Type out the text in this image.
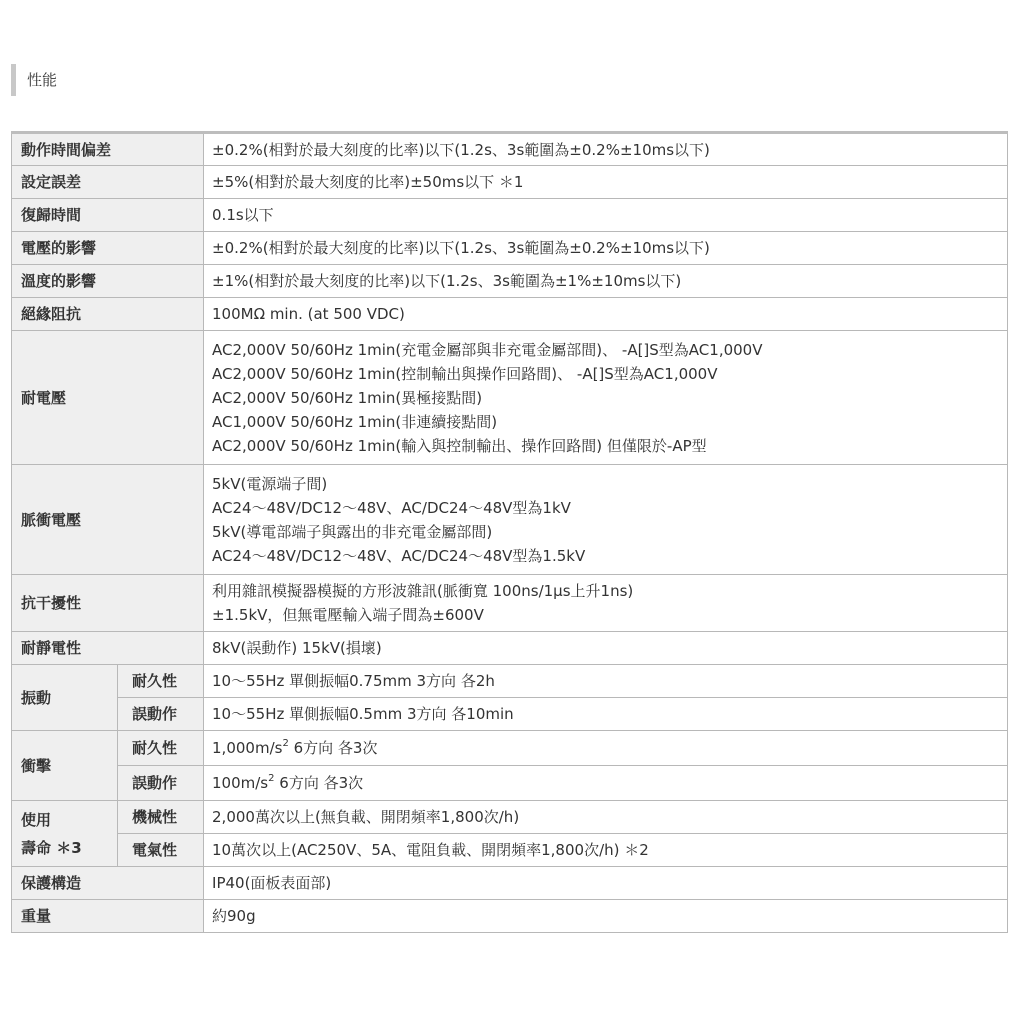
性能
動作時間偏差		±0.2%(相對於最大刻度的比率)以下(1.2s、3s範圍為±0.2%±10ms以下)
設定誤差		±5%(相對於最大刻度的比率)±50ms以下 ＊1
復歸時間		0.1s以下
電壓的影響		±0.2%(相對於最大刻度的比率)以下(1.2s、3s範圍為±0.2%±10ms以下)
溫度的影響		±1%(相對於最大刻度的比率)以下(1.2s、3s範圍為±1%±10ms以下)
絕緣阻抗		100MΩ min. (at 500 VDC)
耐電壓		AC2,000V 50/60Hz 1min(充電金屬部與非充電金屬部間)、 -A[]S型為AC1,000V
AC2,000V 50/60Hz 1min(控制輸出與操作回路間)、 -A[]S型為AC1,000V
AC2,000V 50/60Hz 1min(異極接點間)
AC1,000V 50/60Hz 1min(非連續接點間)
AC2,000V 50/60Hz 1min(輸入與控制輸出、操作回路間) 但僅限於-AP型

脈衝電壓		5kV(電源端子間)
AC24～48V/DC12～48V、AC/DC24～48V型為1kV
5kV(導電部端子與露出的非充電金屬部間)
AC24～48V/DC12～48V、AC/DC24～48V型為1.5kV

抗干擾性		利用雜訊模擬器模擬的方形波雜訊(脈衝寬 100ns/1μs上升1ns)
±1.5kV，但無電壓輸入端子間為±600V

耐靜電性		8kV(誤動作) 15kV(損壞)
振動	耐久性	10～55Hz 單側振幅0.75mm 3方向 各2h
	誤動作	10～55Hz 單側振幅0.5mm 3方向 各10min
衝擊	耐久性	$1,000m/s^2$ 6方向 各3次
	誤動作	$100m/s^2$ 6方向 各3次

使用
壽命 ＊3	機械性	2,000萬次以上(無負載、開閉頻率1,800次/h)
	電氣性	10萬次以上(AC250V、5A、電阻負載、開閉頻率1,800次/h) ＊2
保護構造		IP40(面板表面部)
重量		約90g
